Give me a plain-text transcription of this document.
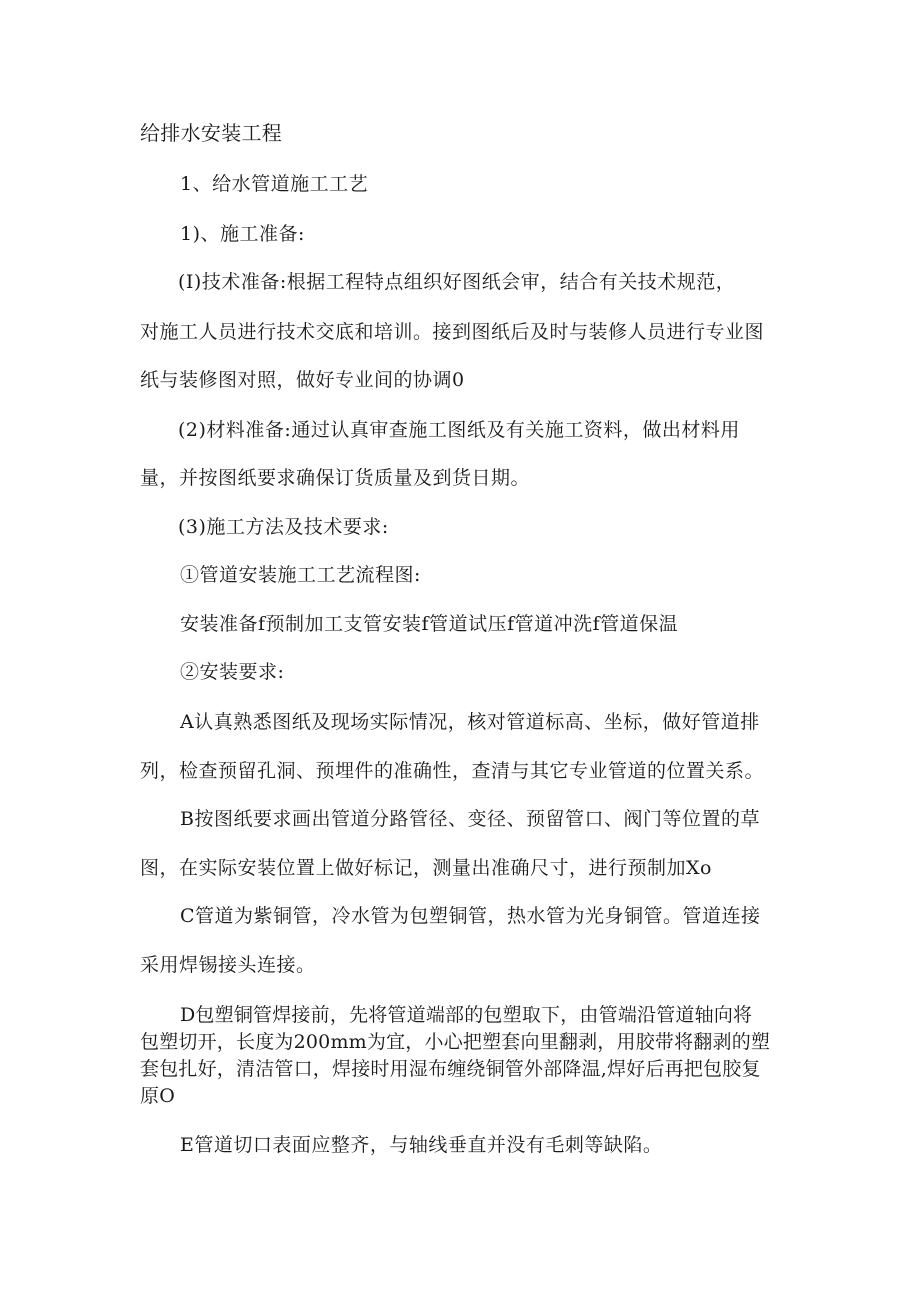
给排水安装工程

1、给水管道施工工艺

1)、施工准备:

(I)技术准备:根据工程特点组织好图纸会审，结合有关技术规范，

对施工人员进行技术交底和培训。接到图纸后及时与装修人员进行专业图

纸与装修图对照，做好专业间的协调0

(2)材料准备:通过认真审查施工图纸及有关施工资料，做出材料用

量，并按图纸要求确保订货质量及到货日期。

(3)施工方法及技术要求:

①管道安装施工工艺流程图:

安装准备f预制加工支管安装f管道试压f管道冲洗f管道保温

②安装要求:

A认真熟悉图纸及现场实际情况，核对管道标高、坐标，做好管道排

列，检查预留孔洞、预埋件的准确性，查清与其它专业管道的位置关系。

B按图纸要求画出管道分路管径、变径、预留管口、阀门等位置的草

图，在实际安装位置上做好标记，测量出准确尺寸，进行预制加Xo

C管道为紫铜管，冷水管为包塑铜管，热水管为光身铜管。管道连接

采用焊锡接头连接。

D包塑铜管焊接前，先将管道端部的包塑取下，由管端沿管道轴向将

包塑切开，长度为200mm为宜，小心把塑套向里翻剥，用胶带将翻剥的塑

套包扎好，清洁管口，焊接时用湿布缠绕铜管外部降温,焊好后再把包胶复

原O

E管道切口表面应整齐，与轴线垂直并没有毛刺等缺陷。
